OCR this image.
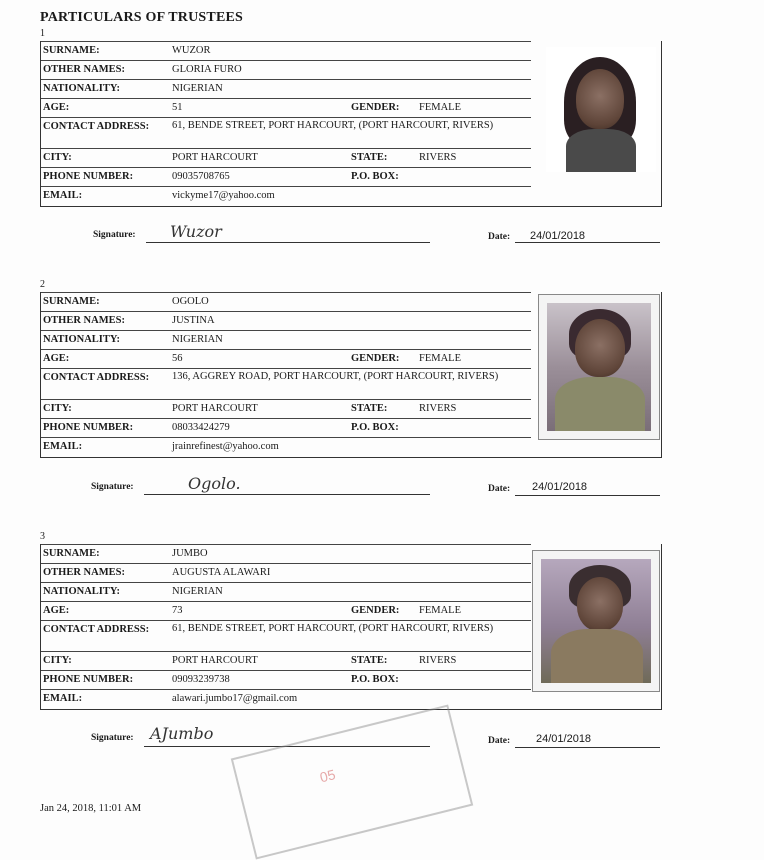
PARTICULARS OF TRUSTEES
1
SURNAME:	WUZOR
OTHER NAMES:	GLORIA FURO
NATIONALITY:	NIGERIAN
AGE:	51	GENDER: FEMALE
CONTACT ADDRESS: 61, BENDE STREET, PORT HARCOURT, (PORT HARCOURT, RIVERS)
CITY:	PORT HARCOURT	STATE:	RIVERS
PHONE NUMBER:	09035708765	P.O. BOX:
EMAIL:	vickyme17@yahoo.com
Signature: Wuzor	Date: 24/01/2018
2
SURNAME:	OGOLO
OTHER NAMES:	JUSTINA
NATIONALITY:	NIGERIAN
AGE:	56	GENDER: FEMALE
CONTACT ADDRESS: 136, AGGREY ROAD, PORT HARCOURT, (PORT HARCOURT, RIVERS)
CITY:	PORT HARCOURT	STATE:	RIVERS
PHONE NUMBER:	08033424279	P.O. BOX:
EMAIL:	jrainrefinest@yahoo.com
Signature:	Ogolo.	Date: 24/01/2018
3
SURNAME:	JUMBO
OTHER NAMES:	AUGUSTA ALAWARI
NATIONALITY:	NIGERIAN
AGE:	73	GENDER: FEMALE
CONTACT ADDRESS: 61, BENDE STREET, PORT HARCOURT, (PORT HARCOURT, RIVERS)
CITY:	PORT HARCOURT	STATE:	RIVERS
PHONE NUMBER:	09093239738	P.O. BOX:
EMAIL:	alawari.jumbo17@gmail.com
Signature: AJumbo	Date: 24/01/2018
05
Jan 24, 2018, 11:01 AM
